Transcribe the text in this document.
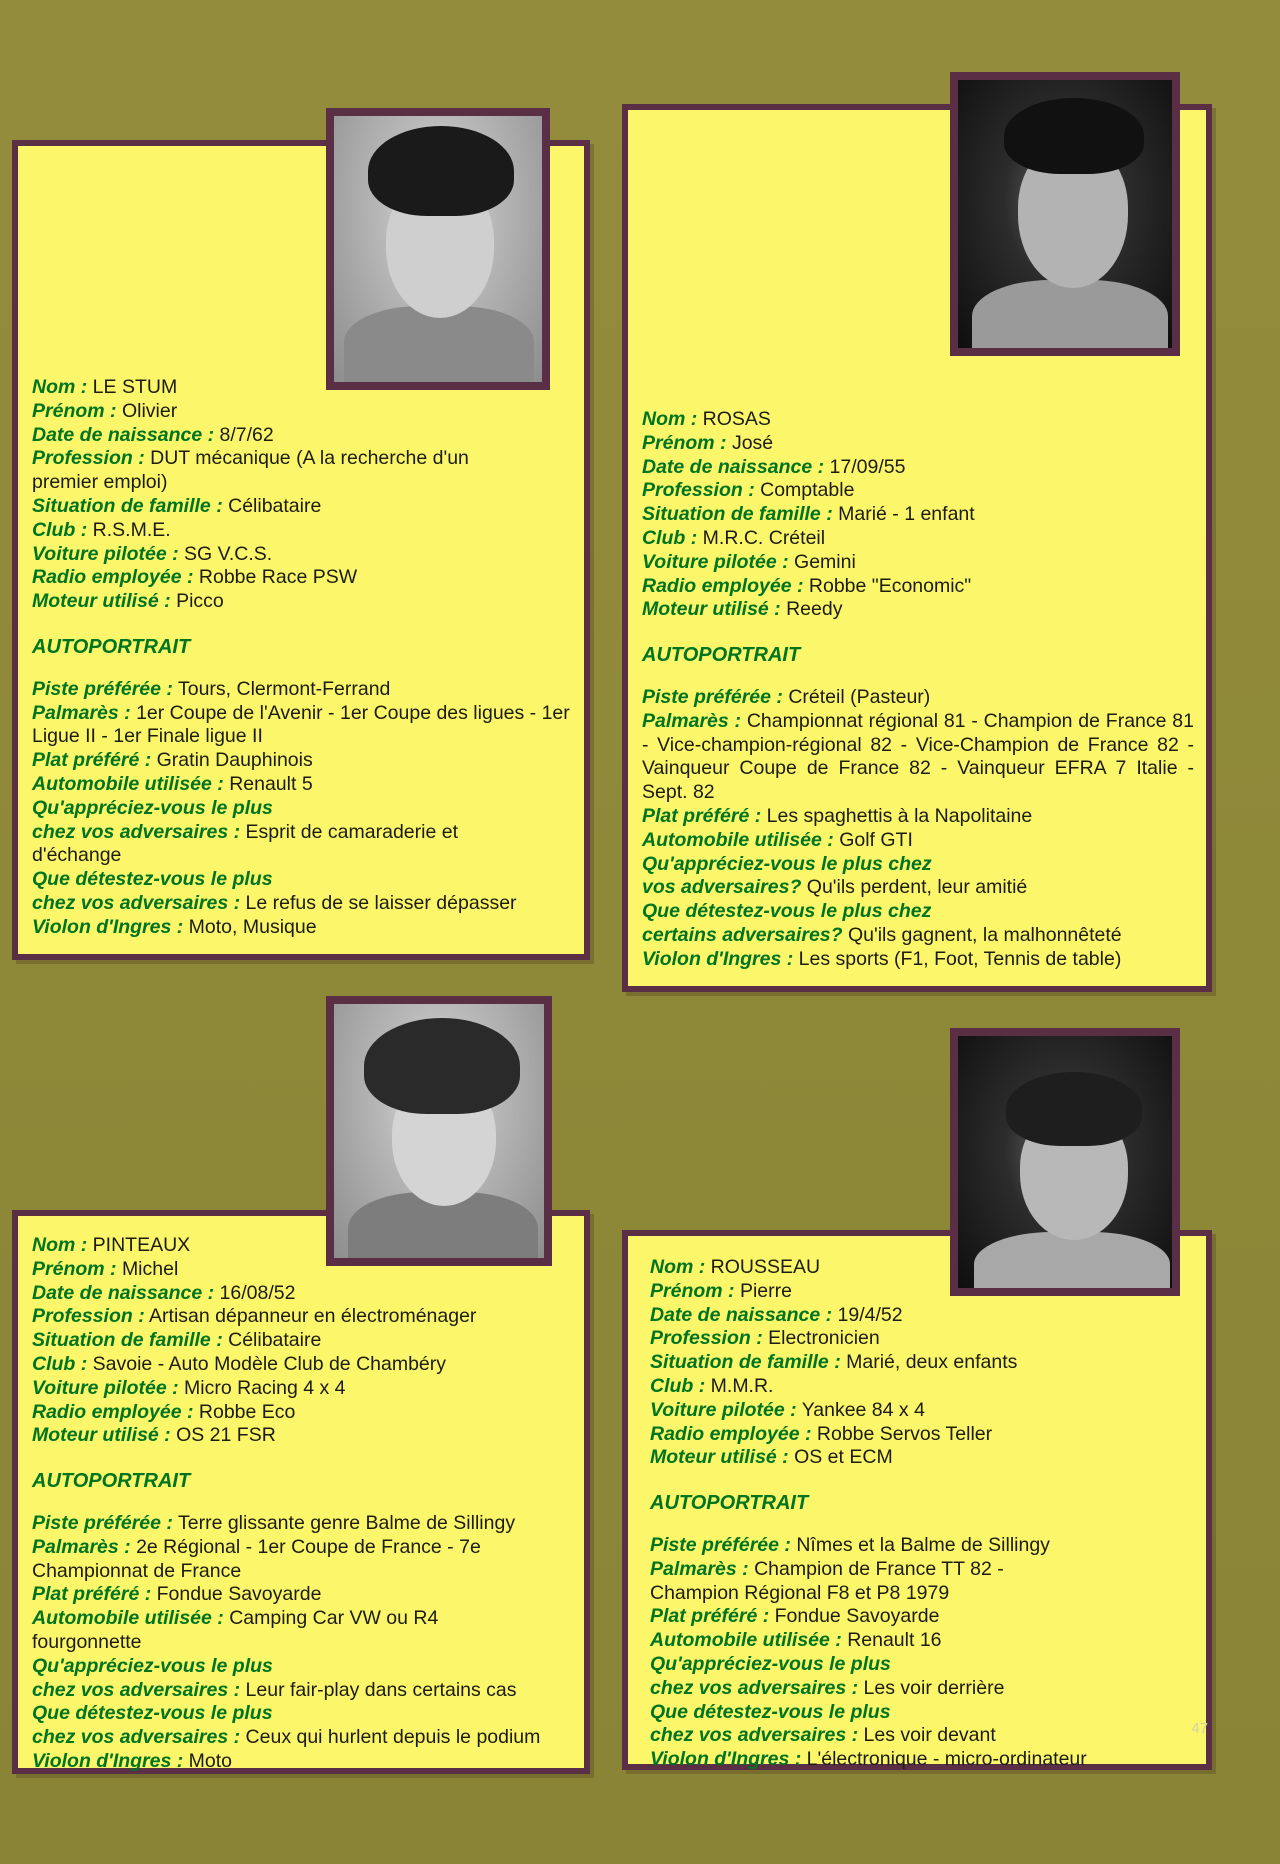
Nom : LE STUM
Prénom : Olivier
Date de naissance : 8/7/62
Profession : DUT mécanique (A la recherche d'un premier emploi)
Situation de famille : Célibataire
Club : R.S.M.E.
Voiture pilotée : SG V.C.S.
Radio employée : Robbe Race PSW
Moteur utilisé : Picco
AUTOPORTRAIT
Piste préférée : Tours, Clermont-Ferrand
Palmarès : 1er Coupe de l'Avenir - 1er Coupe des ligues - 1er Ligue II - 1er Finale ligue II
Plat préféré : Gratin Dauphinois
Automobile utilisée : Renault 5
Qu'appréciez-vous le plus
chez vos adversaires : Esprit de camaraderie et d'échange
Que détestez-vous le plus
chez vos adversaires : Le refus de se laisser dépasser
Violon d'Ingres : Moto, Musique
Nom : ROSAS
Prénom : José
Date de naissance : 17/09/55
Profession : Comptable
Situation de famille : Marié - 1 enfant
Club : M.R.C. Créteil
Voiture pilotée : Gemini
Radio employée : Robbe "Economic"
Moteur utilisé : Reedy
AUTOPORTRAIT
Piste préférée : Créteil (Pasteur)
Palmarès : Championnat régional 81 - Champion de France 81 - Vice-champion-régional 82 - Vice-Champion de France 82 - Vainqueur Coupe de France 82 - Vainqueur EFRA 7 Italie - Sept. 82
Plat préféré : Les spaghettis à la Napolitaine
Automobile utilisée : Golf GTI
Qu'appréciez-vous le plus chez
vos adversaires? Qu'ils perdent, leur amitié
Que détestez-vous le plus chez
certains adversaires? Qu'ils gagnent, la malhonnêteté
Violon d'Ingres : Les sports (F1, Foot, Tennis de table)
Nom : PINTEAUX
Prénom : Michel
Date de naissance : 16/08/52
Profession : Artisan dépanneur en électroménager
Situation de famille : Célibataire
Club : Savoie - Auto Modèle Club de Chambéry
Voiture pilotée : Micro Racing 4 x 4
Radio employée : Robbe Eco
Moteur utilisé : OS 21 FSR
AUTOPORTRAIT
Piste préférée : Terre glissante genre Balme de Sillingy
Palmarès : 2e Régional - 1er Coupe de France - 7e Championnat de France
Plat préféré : Fondue Savoyarde
Automobile utilisée : Camping Car VW ou R4 fourgonnette
Qu'appréciez-vous le plus
chez vos adversaires : Leur fair-play dans certains cas
Que détestez-vous le plus
chez vos adversaires : Ceux qui hurlent depuis le podium
Violon d'Ingres : Moto
Nom : ROUSSEAU
Prénom : Pierre
Date de naissance : 19/4/52
Profession : Electronicien
Situation de famille : Marié, deux enfants
Club : M.M.R.
Voiture pilotée : Yankee 84 x 4
Radio employée : Robbe Servos Teller
Moteur utilisé : OS et ECM
AUTOPORTRAIT
Piste préférée : Nîmes et la Balme de Sillingy
Palmarès : Champion de France TT 82 - Champion Régional F8 et P8 1979
Plat préféré : Fondue Savoyarde
Automobile utilisée : Renault 16
Qu'appréciez-vous le plus
chez vos adversaires : Les voir derrière
Que détestez-vous le plus
chez vos adversaires : Les voir devant
Violon d'Ingres : L'électronique - micro-ordinateur
47
